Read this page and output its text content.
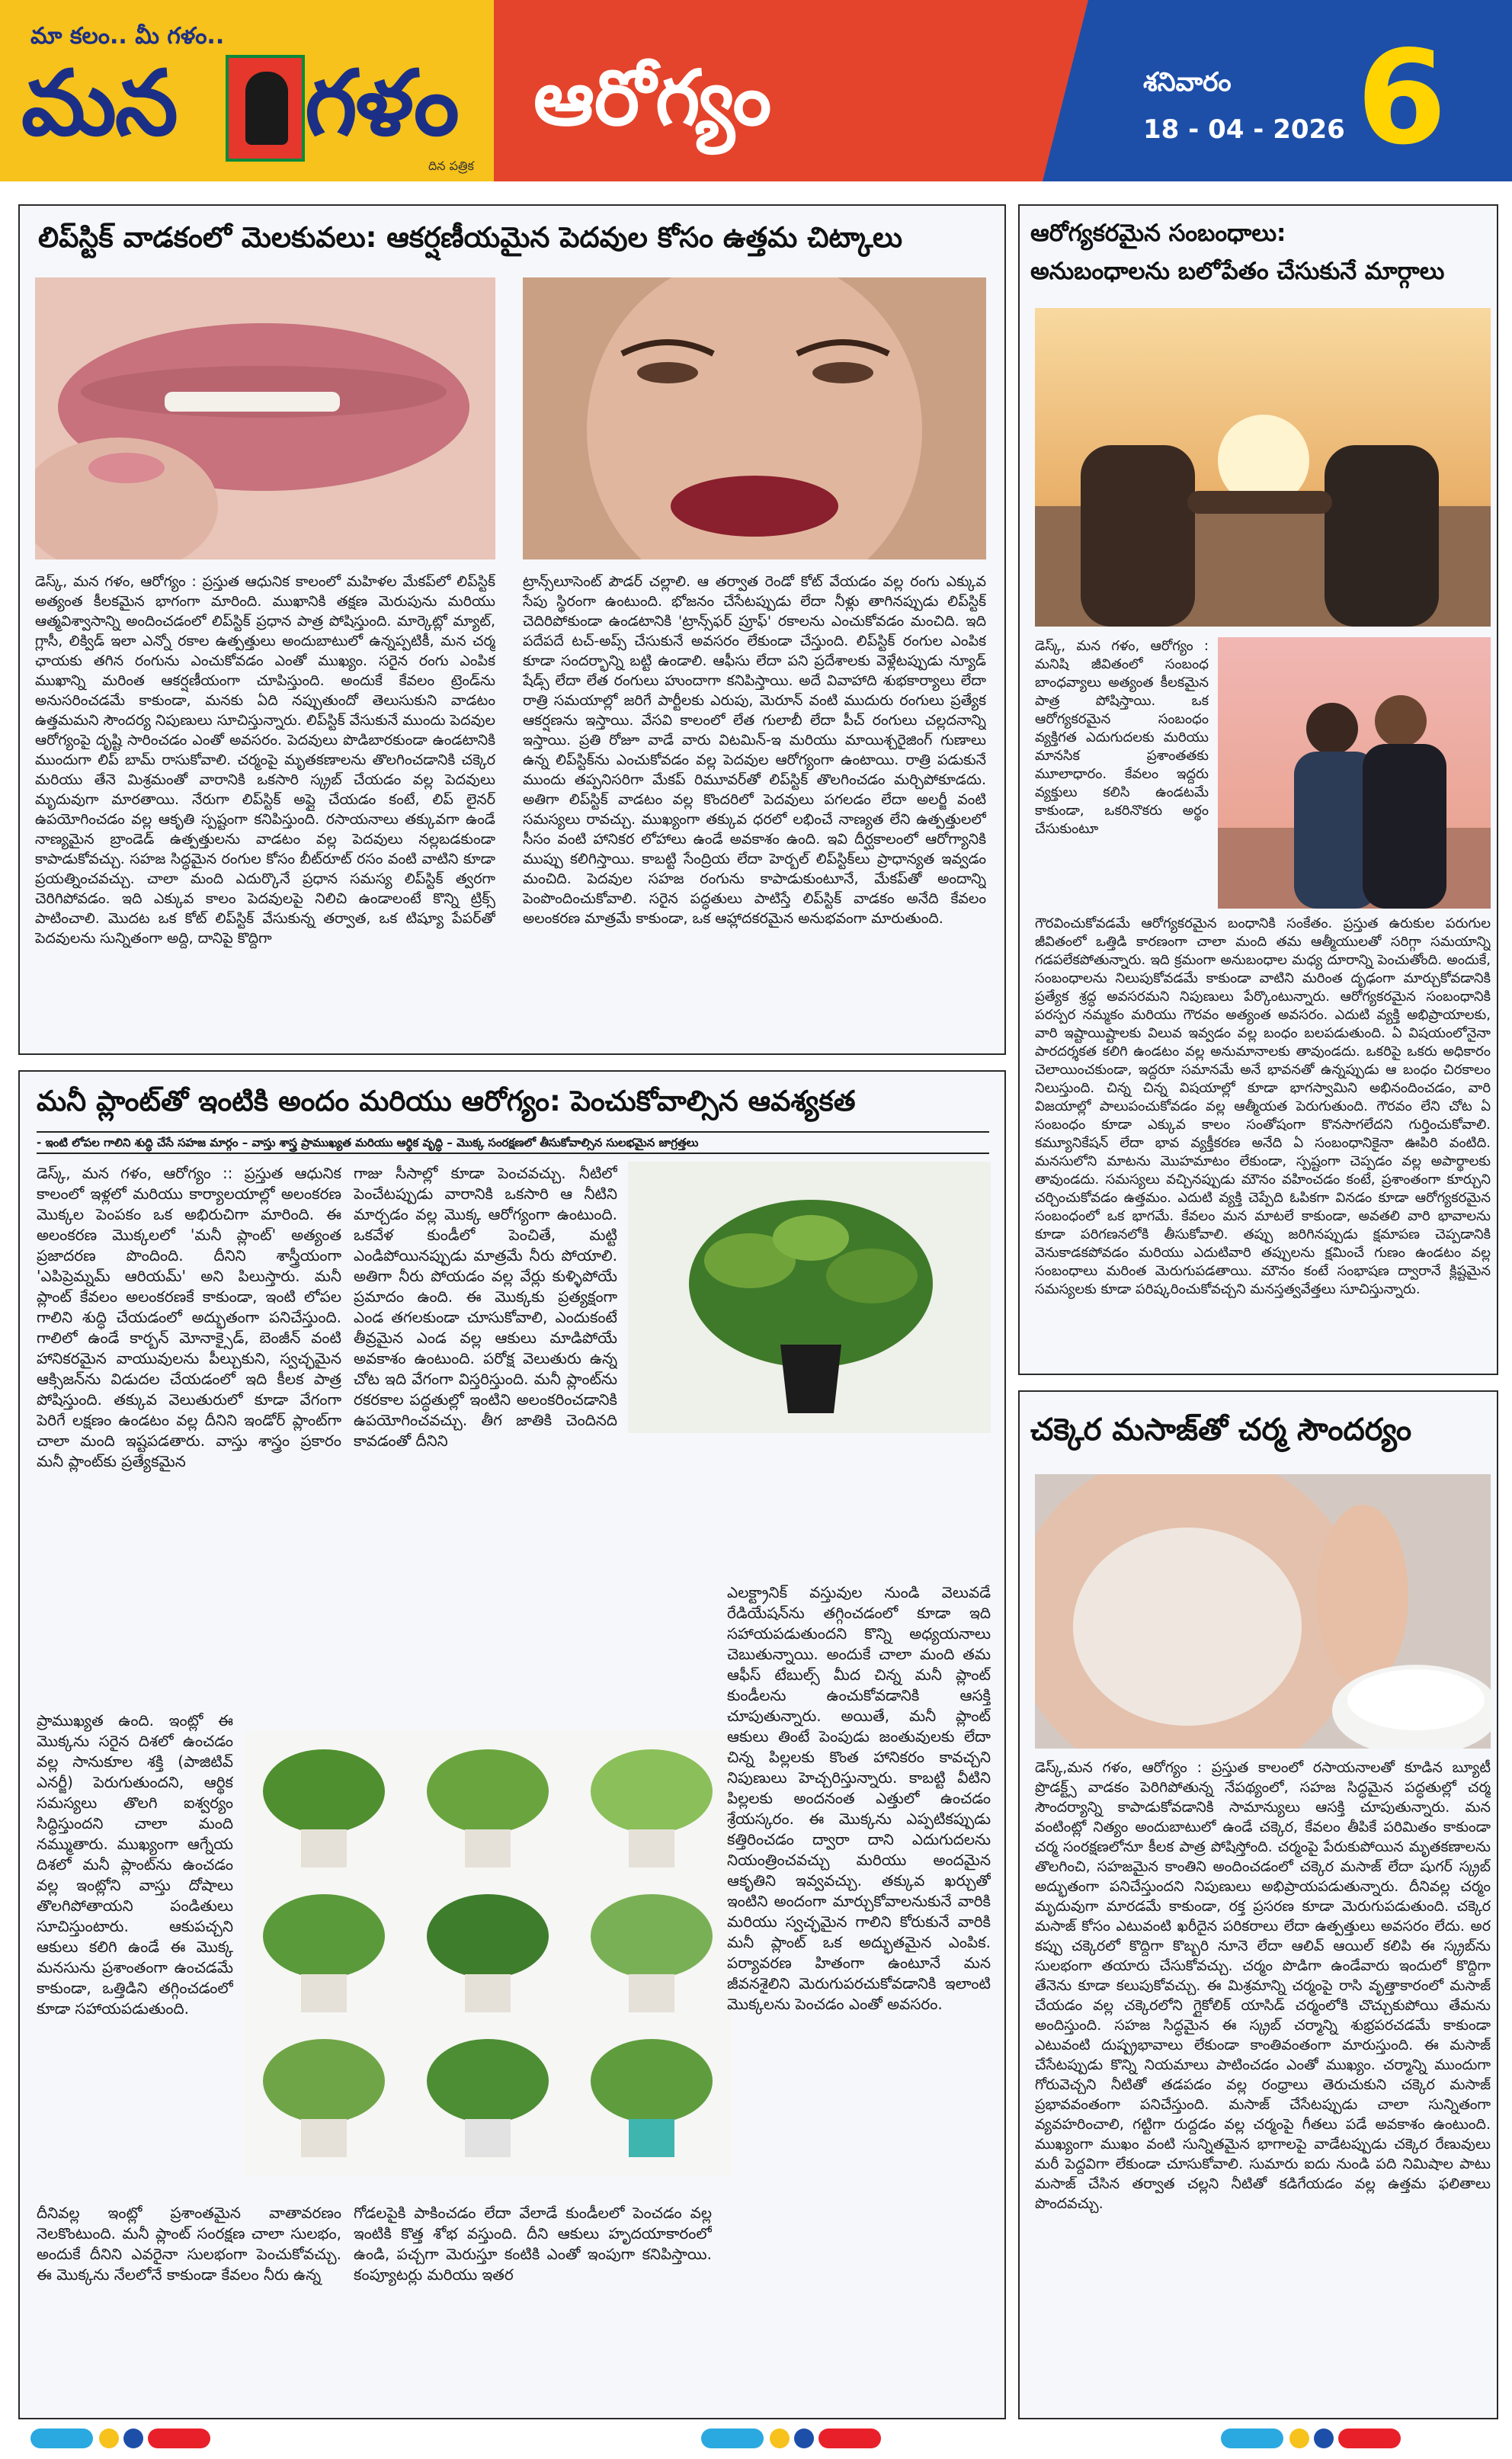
మా కలం.. మీ గళం..
మన గళం
దిన పత్రిక
ఆరోగ్యం	శనివారం
18 - 04 - 2026 6
లిప్‌స్టిక్ వాడకంలో మెలకువలు: ఆకర్షణీయమైన పెదవుల కోసం ఉత్తమ చిట్కాలు
డెస్క్, మన గళం, ఆరోగ్యం : ప్రస్తుత ఆధునిక కాలంలో మహిళల మేకప్‌లో లిప్‌స్టిక్ అత్యంత కీలకమైన భాగంగా మారింది. ముఖానికి తక్షణ మెరుపును మరియు ఆత్మవిశ్వాసాన్ని అందించడంలో లిప్‌స్టిక్ ప్రధాన పాత్ర పోషిస్తుంది. మార్కెట్లో మ్యాట్, గ్లాసీ, లిక్విడ్ ఇలా ఎన్నో రకాల ఉత్పత్తులు అందుబాటులో ఉన్నప్పటికీ, మన చర్మ ఛాయకు తగిన రంగును ఎంచుకోవడం ఎంతో ముఖ్యం. సరైన రంగు ఎంపిక ముఖాన్ని మరింత ఆకర్షణీయంగా చూపిస్తుంది. అందుకే కేవలం ట్రెండ్‌ను అనుసరించడమే కాకుండా, మనకు ఏది నప్పుతుందో తెలుసుకుని వాడటం ఉత్తమమని సౌందర్య నిపుణులు సూచిస్తున్నారు. లిప్‌స్టిక్ వేసుకునే ముందు పెదవుల ఆరోగ్యంపై దృష్టి సారించడం ఎంతో అవసరం. పెదవులు పొడిబారకుండా ఉండటానికి ముందుగా లిప్ బామ్ రాసుకోవాలి. చర్మంపై మృతకణాలను తొలగించడానికి చక్కెర మరియు తేనె మిశ్రమంతో వారానికి ఒకసారి స్క్రబ్ చేయడం వల్ల పెదవులు మృదువుగా మారతాయి. నేరుగా లిప్‌స్టిక్ అప్లై చేయడం కంటే, లిప్ లైనర్ ఉపయోగించడం వల్ల ఆకృతి స్పష్టంగా కనిపిస్తుంది. రసాయనాలు తక్కువగా ఉండే నాణ్యమైన బ్రాండెడ్ ఉత్పత్తులను వాడటం వల్ల పెదవులు నల్లబడకుండా కాపాడుకోవచ్చు. సహజ సిద్ధమైన రంగుల కోసం బీట్‌రూట్ రసం వంటి వాటిని కూడా ప్రయత్నించవచ్చు. చాలా మంది ఎదుర్కొనే ప్రధాన సమస్య లిప్‌స్టిక్ త్వరగా చెరిగిపోవడం. ఇది ఎక్కువ కాలం పెదవులపై నిలిచి ఉండాలంటే కొన్ని ట్రిక్స్ పాటించాలి. మొదట ఒక కోట్ లిప్‌స్టిక్ వేసుకున్న తర్వాత, ఒక టిష్యూ పేపర్‌తో పెదవులను సున్నితంగా అద్ది, దానిపై కొద్దిగా
ట్రాన్స్‌లూసెంట్ పౌడర్ చల్లాలి. ఆ తర్వాత రెండో కోట్ వేయడం వల్ల రంగు ఎక్కువ సేపు స్థిరంగా ఉంటుంది. భోజనం చేసేటప్పుడు లేదా నీళ్లు తాగినప్పుడు లిప్‌స్టిక్ చెదిరిపోకుండా ఉండటానికి 'ట్రాన్స్‌ఫర్ ప్రూఫ్' రకాలను ఎంచుకోవడం మంచిది. ఇది పదేపదే టచ్-అప్స్ చేసుకునే అవసరం లేకుండా చేస్తుంది. లిప్‌స్టిక్ రంగుల ఎంపిక కూడా సందర్భాన్ని బట్టి ఉండాలి. ఆఫీసు లేదా పని ప్రదేశాలకు వెళ్లేటప్పుడు న్యూడ్ షేడ్స్ లేదా లేత రంగులు హుందాగా కనిపిస్తాయి. అదే వివాహాది శుభకార్యాలు లేదా రాత్రి సమయాల్లో జరిగే పార్టీలకు ఎరుపు, మెరూన్ వంటి ముదురు రంగులు ప్రత్యేక ఆకర్షణను ఇస్తాయి. వేసవి కాలంలో లేత గులాబీ లేదా పీచ్ రంగులు చల్లదనాన్ని ఇస్తాయి. ప్రతి రోజూ వాడే వారు విటమిన్-ఇ మరియు మాయిశ్చరైజింగ్ గుణాలు ఉన్న లిప్‌స్టిక్‌ను ఎంచుకోవడం వల్ల పెదవుల ఆరోగ్యంగా ఉంటాయి. రాత్రి పడుకునే ముందు తప్పనిసరిగా మేకప్ రిమూవర్‌తో లిప్‌స్టిక్ తొలగించడం మర్చిపోకూడదు. అతిగా లిప్‌స్టిక్ వాడటం వల్ల కొందరిలో పెదవులు పగలడం లేదా అలర్జీ వంటి సమస్యలు రావచ్చు. ముఖ్యంగా తక్కువ ధరలో లభించే నాణ్యత లేని ఉత్పత్తులలో సీసం వంటి హానికర లోహాలు ఉండే అవకాశం ఉంది. ఇవి దీర్ఘకాలంలో ఆరోగ్యానికి ముప్పు కలిగిస్తాయి. కాబట్టి సేంద్రియ లేదా హెర్బల్ లిప్‌స్టిక్‌లు ప్రాధాన్యత ఇవ్వడం మంచిది. పెదవుల సహజ రంగును కాపాడుకుంటూనే, మేకప్‌తో అందాన్ని పెంపొందించుకోవాలి. సరైన పద్ధతులు పాటిస్తే లిప్‌స్టిక్ వాడకం అనేది కేవలం అలంకరణ మాత్రమే కాకుండా, ఒక ఆహ్లాదకరమైన అనుభవంగా మారుతుంది.
ఆరోగ్యకరమైన సంబంధాలు:
అనుబంధాలను బలోపేతం చేసుకునే మార్గాలు
డెస్క్, మన గళం, ఆరోగ్యం : మనిషి జీవితంలో సంబంధ బాంధవ్యాలు అత్యంత కీలకమైన పాత్ర పోషిస్తాయి. ఒక ఆరోగ్యకరమైన సంబంధం వ్యక్తిగత ఎదుగుదలకు మరియు మానసిక ప్రశాంతతకు మూలాధారం. కేవలం ఇద్దరు వ్యక్తులు కలిసి ఉండటమే కాకుండా, ఒకరినొకరు అర్థం చేసుకుంటూ
గౌరవించుకోవడమే ఆరోగ్యకరమైన బంధానికి సంకేతం. ప్రస్తుత ఉరుకుల పరుగుల జీవితంలో ఒత్తిడి కారణంగా చాలా మంది తమ ఆత్మీయులతో సరిగ్గా సమయాన్ని గడపలేకపోతున్నారు. ఇది క్రమంగా అనుబంధాల మధ్య దూరాన్ని పెంచుతోంది. అందుకే, సంబంధాలను నిలుపుకోవడమే కాకుండా వాటిని మరింత దృఢంగా మార్చుకోవడానికి ప్రత్యేక శ్రద్ధ అవసరమని నిపుణులు పేర్కొంటున్నారు. ఆరోగ్యకరమైన సంబంధానికి పరస్పర నమ్మకం మరియు గౌరవం అత్యంత అవసరం. ఎదుటి వ్యక్తి అభిప్రాయాలకు, వారి ఇష్టాయిష్టాలకు విలువ ఇవ్వడం వల్ల బంధం బలపడుతుంది. ఏ విషయంలోనైనా పారదర్శకత కలిగి ఉండటం వల్ల అనుమానాలకు తావుండదు. ఒకరిపై ఒకరు అధికారం చెలాయించకుండా, ఇద్దరూ సమానమే అనే భావనతో ఉన్నప్పుడు ఆ బంధం చిరకాలం నిలుస్తుంది. చిన్న చిన్న విషయాల్లో కూడా భాగస్వామిని అభినందించడం, వారి విజయాల్లో పాలుపంచుకోవడం వల్ల ఆత్మీయత పెరుగుతుంది. గౌరవం లేని చోట ఏ సంబంధం కూడా ఎక్కువ కాలం సంతోషంగా కొనసాగలేదని గుర్తించుకోవాలి. కమ్యూనికేషన్ లేదా భావ వ్యక్తీకరణ అనేది ఏ సంబంధానికైనా ఊపిరి వంటిది. మనసులోని మాటను మొహమాటం లేకుండా, స్పష్టంగా చెప్పడం వల్ల అపార్థాలకు తావుండదు. సమస్యలు వచ్చినప్పుడు మౌనం వహించడం కంటే, ప్రశాంతంగా కూర్చుని చర్చించుకోవడం ఉత్తమం. ఎదుటి వ్యక్తి చెప్పేది ఓపికగా వినడం కూడా ఆరోగ్యకరమైన సంబంధంలో ఒక భాగమే. కేవలం మన మాటలే కాకుండా, అవతలి వారి భావాలను కూడా పరిగణనలోకి తీసుకోవాలి. తప్పు జరిగినప్పుడు క్షమాపణ చెప్పడానికి వెనుకాడకపోవడం మరియు ఎదుటివారి తప్పులను క్షమించే గుణం ఉండటం వల్ల సంబంధాలు మరింత మెరుగుపడతాయి. మౌనం కంటే సంభాషణ ద్వారానే క్లిష్టమైన సమస్యలకు కూడా పరిష్కరించుకోవచ్చని మనస్తత్వవేత్తలు సూచిస్తున్నారు.
మనీ ప్లాంట్‌తో ఇంటికి అందం మరియు ఆరోగ్యం: పెంచుకోవాల్సిన ఆవశ్యకత
- ఇంటి లోపల గాలిని శుద్ధి చేసే సహజ మార్గం – వాస్తు శాస్త్ర ప్రాముఖ్యత మరియు ఆర్థిక వృద్ధి – మొక్క సంరక్షణలో తీసుకోవాల్సిన సులభమైన జాగ్రత్తలు
డెస్క్, మన గళం, ఆరోగ్యం :: ప్రస్తుత ఆధునిక కాలంలో ఇళ్లలో మరియు కార్యాలయాల్లో అలంకరణ మొక్కల పెంపకం ఒక అభిరుచిగా మారింది. ఈ అలంకరణ మొక్కలలో 'మనీ ప్లాంట్' అత్యంత ప్రజాదరణ పొందింది. దీనిని శాస్త్రీయంగా 'ఎపిప్రెమ్నమ్ ఆరియమ్' అని పిలుస్తారు. మనీ ప్లాంట్ కేవలం అలంకరణకే కాకుండా, ఇంటి లోపల గాలిని శుద్ధి చేయడంలో అద్భుతంగా పనిచేస్తుంది. గాలిలో ఉండే కార్బన్ మోనాక్సైడ్, బెంజీన్ వంటి హానికరమైన వాయువులను పీల్చుకుని, స్వచ్ఛమైన ఆక్సిజన్‌ను విడుదల చేయడంలో ఇది కీలక పాత్ర పోషిస్తుంది. తక్కువ వెలుతురులో కూడా వేగంగా పెరిగే లక్షణం ఉండటం వల్ల దీనిని ఇండోర్ ప్లాంట్‌గా చాలా మంది ఇష్టపడతారు. వాస్తు శాస్త్రం ప్రకారం మనీ ప్లాంట్‌కు ప్రత్యేకమైన
ప్రాముఖ్యత ఉంది. ఇంట్లో ఈ మొక్కను సరైన దిశలో ఉంచడం వల్ల సానుకూల శక్తి (పాజిటివ్ ఎనర్జీ) పెరుగుతుందని, ఆర్థిక సమస్యలు తొలగి ఐశ్వర్యం సిద్ధిస్తుందని చాలా మంది నమ్ముతారు. ముఖ్యంగా ఆగ్నేయ దిశలో మనీ ప్లాంట్‌ను ఉంచడం వల్ల ఇంట్లోని వాస్తు దోషాలు తొలగిపోతాయని పండితులు సూచిస్తుంటారు. ఆకుపచ్చని ఆకులు కలిగి ఉండే ఈ మొక్క మనసును ప్రశాంతంగా ఉంచడమే కాకుండా, ఒత్తిడిని తగ్గించడంలో కూడా సహాయపడుతుంది.
దీనివల్ల ఇంట్లో ప్రశాంతమైన వాతావరణం నెలకొంటుంది. మనీ ప్లాంట్ సంరక్షణ చాలా సులభం, అందుకే దీనిని ఎవరైనా సులభంగా పెంచుకోవచ్చు. ఈ మొక్కను నేలలోనే కాకుండా కేవలం నీరు ఉన్న
గాజు సీసాల్లో కూడా పెంచవచ్చు. నీటిలో పెంచేటప్పుడు వారానికి ఒకసారి ఆ నీటిని మార్చడం వల్ల మొక్క ఆరోగ్యంగా ఉంటుంది. ఒకవేళ కుండీలో పెంచితే, మట్టి ఎండిపోయినప్పుడు మాత్రమే నీరు పోయాలి. అతిగా నీరు పోయడం వల్ల వేర్లు కుళ్ళిపోయే ప్రమాదం ఉంది. ఈ మొక్కకు ప్రత్యక్షంగా ఎండ తగలకుండా చూసుకోవాలి, ఎందుకంటే తీవ్రమైన ఎండ వల్ల ఆకులు మాడిపోయే అవకాశం ఉంటుంది. పరోక్ష వెలుతురు ఉన్న చోట ఇది వేగంగా విస్తరిస్తుంది. మనీ ప్లాంట్‌ను రకరకాల పద్ధతుల్లో ఇంటిని అలంకరించడానికి ఉపయోగించవచ్చు. తీగ జాతికి చెందినది కావడంతో దీనిని
గోడలపైకి పాకించడం లేదా వేలాడే కుండీలలో పెంచడం వల్ల ఇంటికి కొత్త శోభ వస్తుంది. దీని ఆకులు హృదయాకారంలో ఉండి, పచ్చగా మెరుస్తూ కంటికి ఎంతో ఇంపుగా కనిపిస్తాయి. కంప్యూటర్లు మరియు ఇతర
ఎలక్ట్రానిక్ వస్తువుల నుండి వెలువడే రేడియేషన్‌ను తగ్గించడంలో కూడా ఇది సహాయపడుతుందని కొన్ని అధ్యయనాలు చెబుతున్నాయి. అందుకే చాలా మంది తమ ఆఫీస్ టేబుల్స్ మీద చిన్న మనీ ప్లాంట్ కుండీలను ఉంచుకోవడానికి ఆసక్తి చూపుతున్నారు. అయితే, మనీ ప్లాంట్ ఆకులు తింటే పెంపుడు జంతువులకు లేదా చిన్న పిల్లలకు కొంత హానికరం కావచ్చని నిపుణులు హెచ్చరిస్తున్నారు. కాబట్టి వీటిని పిల్లలకు అందనంత ఎత్తులో ఉంచడం శ్రేయస్కరం. ఈ మొక్కను ఎప్పటికప్పుడు కత్తిరించడం ద్వారా దాని ఎదుగుదలను నియంత్రించవచ్చు మరియు అందమైన ఆకృతిని ఇవ్వవచ్చు. తక్కువ ఖర్చుతో ఇంటిని అందంగా మార్చుకోవాలనుకునే వారికి మరియు స్వచ్ఛమైన గాలిని కోరుకునే వారికి మనీ ప్లాంట్ ఒక అద్భుతమైన ఎంపిక. పర్యావరణ హితంగా ఉంటూనే మన జీవనశైలిని మెరుగుపరచుకోవడానికి ఇలాంటి మొక్కలను పెంచడం ఎంతో అవసరం.
చక్కెర మసాజ్‌తో చర్మ సౌందర్యం
డెస్క్,మన గళం, ఆరోగ్యం : ప్రస్తుత కాలంలో రసాయనాలతో కూడిన బ్యూటీ ప్రొడక్ట్స్ వాడకం పెరిగిపోతున్న నేపథ్యంలో, సహజ సిద్ధమైన పద్ధతుల్లో చర్మ సౌందర్యాన్ని కాపాడుకోవడానికి సామాన్యులు ఆసక్తి చూపుతున్నారు. మన వంటింట్లో నిత్యం అందుబాటులో ఉండే చక్కెర, కేవలం తీపికే పరిమితం కాకుండా చర్మ సంరక్షణలోనూ కీలక పాత్ర పోషిస్తోంది. చర్మంపై పేరుకుపోయిన మృతకణాలను తొలగించి, సహజమైన కాంతిని అందించడంలో చక్కెర మసాజ్ లేదా షుగర్ స్క్రబ్ అద్భుతంగా పనిచేస్తుందని నిపుణులు అభిప్రాయపడుతున్నారు. దీనివల్ల చర్మం మృదువుగా మారడమే కాకుండా, రక్త ప్రసరణ కూడా మెరుగుపడుతుంది. చక్కెర మసాజ్ కోసం ఎటువంటి ఖరీదైన పరికరాలు లేదా ఉత్పత్తులు అవసరం లేదు. అర కప్పు చక్కెరలో కొద్దిగా కొబ్బరి నూనె లేదా ఆలివ్ ఆయిల్ కలిపి ఈ స్క్రబ్‌ను సులభంగా తయారు చేసుకోవచ్చు. చర్మం పొడిగా ఉండేవారు ఇందులో కొద్దిగా తేనెను కూడా కలుపుకోవచ్చు. ఈ మిశ్రమాన్ని చర్మంపై రాసి వృత్తాకారంలో మసాజ్ చేయడం వల్ల చక్కెరలోని గ్లైకోలిక్ యాసిడ్ చర్మంలోకి చొచ్చుకుపోయి తేమను అందిస్తుంది. సహజ సిద్ధమైన ఈ స్క్రబ్ చర్మాన్ని శుభ్రపరచడమే కాకుండా ఎటువంటి దుష్ప్రభావాలు లేకుండా కాంతివంతంగా మారుస్తుంది. ఈ మసాజ్ చేసేటప్పుడు కొన్ని నియమాలు పాటించడం ఎంతో ముఖ్యం. చర్మాన్ని ముందుగా గోరువెచ్చని నీటితో తడపడం వల్ల రంధ్రాలు తెరుచుకుని చక్కెర మసాజ్ ప్రభావవంతంగా పనిచేస్తుంది. మసాజ్ చేసేటప్పుడు చాలా సున్నితంగా వ్యవహరించాలి, గట్టిగా రుద్దడం వల్ల చర్మంపై గీతలు పడే అవకాశం ఉంటుంది. ముఖ్యంగా ముఖం వంటి సున్నితమైన భాగాలపై వాడేటప్పుడు చక్కెర రేణువులు మరీ పెద్దవిగా లేకుండా చూసుకోవాలి. సుమారు ఐదు నుండి పది నిమిషాల పాటు మసాజ్ చేసిన తర్వాత చల్లని నీటితో కడిగేయడం వల్ల ఉత్తమ ఫలితాలు పొందవచ్చు.
